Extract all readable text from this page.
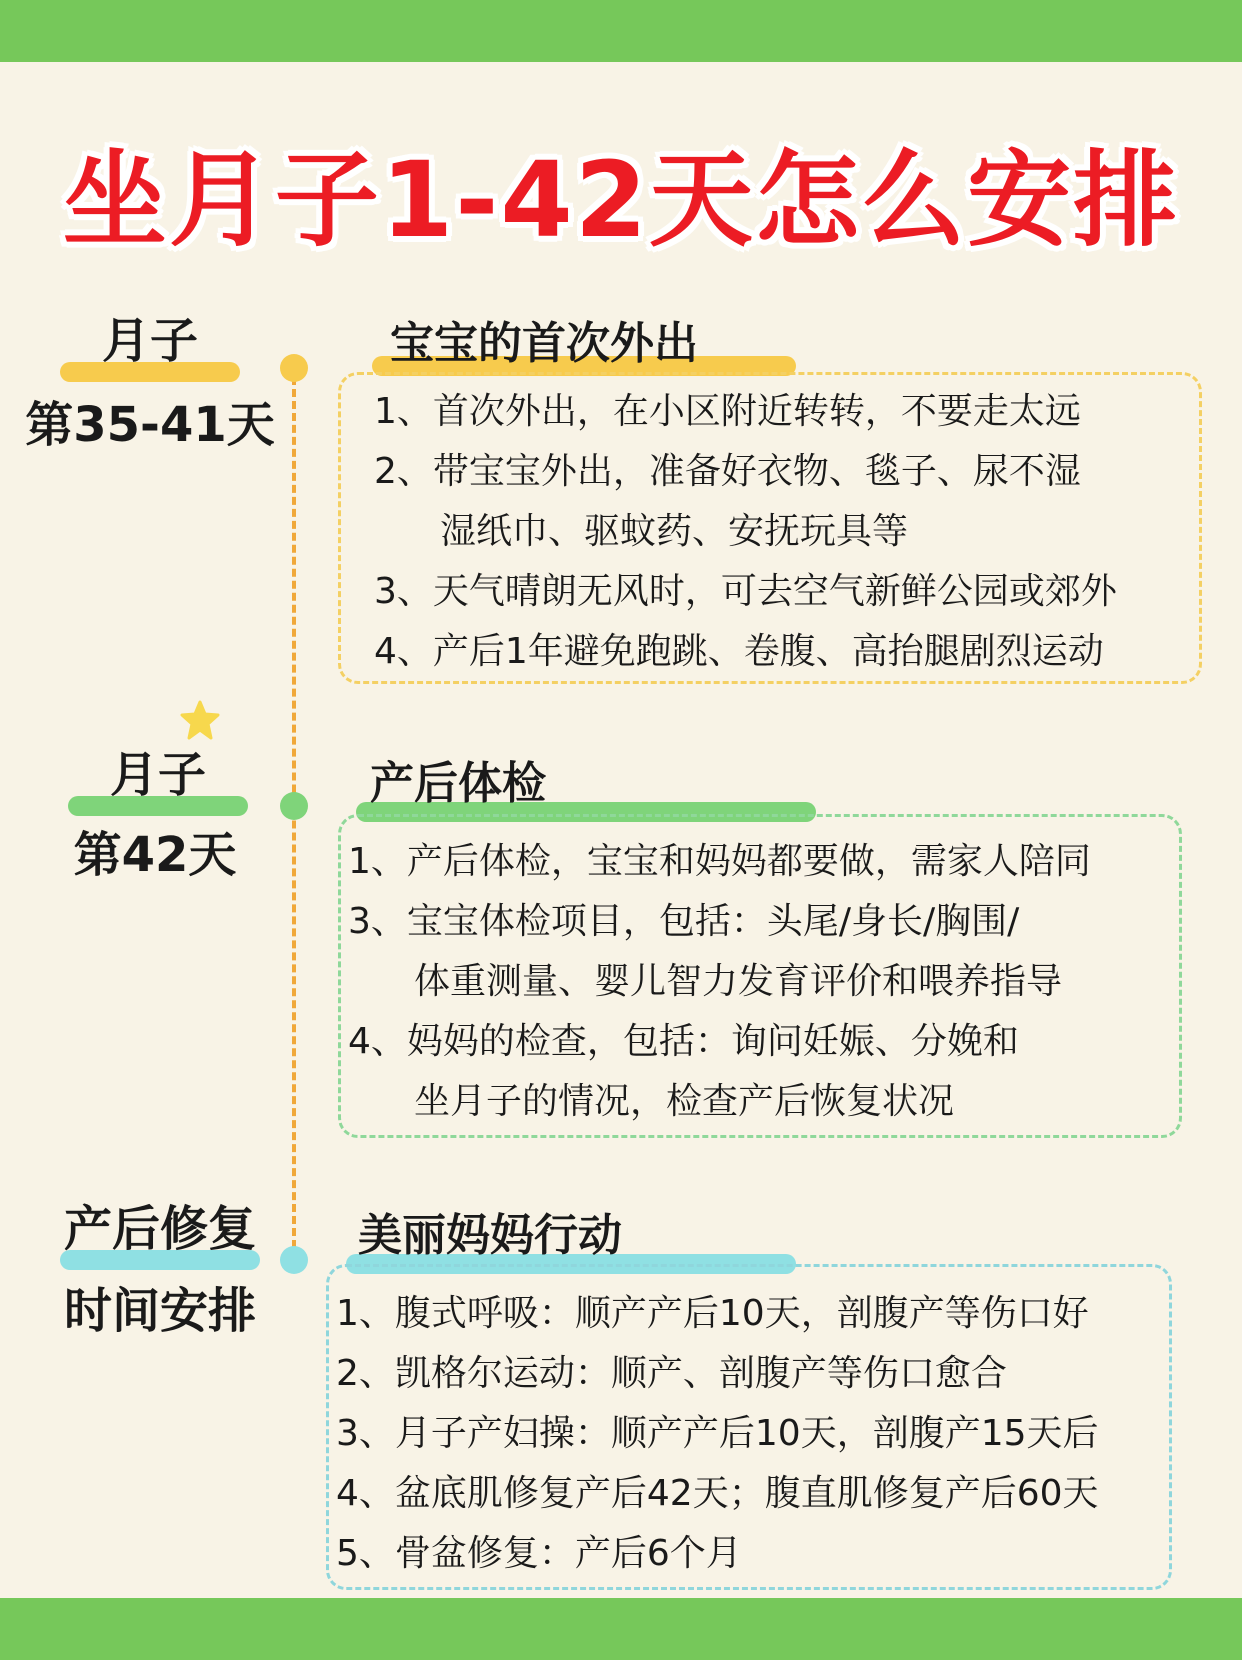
坐月子1-42天怎么安排
月子
第35-41天
宝宝的首次外出
1、首次外出，在小区附近转转，不要走太远
2、带宝宝外出，准备好衣物、毯子、尿不湿
湿纸巾、驱蚊药、安抚玩具等
3、天气晴朗无风时，可去空气新鲜公园或郊外
4、产后1年避免跑跳、卷腹、高抬腿剧烈运动
月子
第42天
产后体检
1、产后体检，宝宝和妈妈都要做，需家人陪同
3、宝宝体检项目，包括：头尾/身长/胸围/
体重测量、婴儿智力发育评价和喂养指导
4、妈妈的检查，包括：询问妊娠、分娩和
坐月子的情况，检查产后恢复状况
产后修复
时间安排
美丽妈妈行动
1、腹式呼吸：顺产产后10天，剖腹产等伤口好
2、凯格尔运动：顺产、剖腹产等伤口愈合
3、月子产妇操：顺产产后10天，剖腹产15天后
4、盆底肌修复产后42天；腹直肌修复产后60天
5、骨盆修复：产后6个月
